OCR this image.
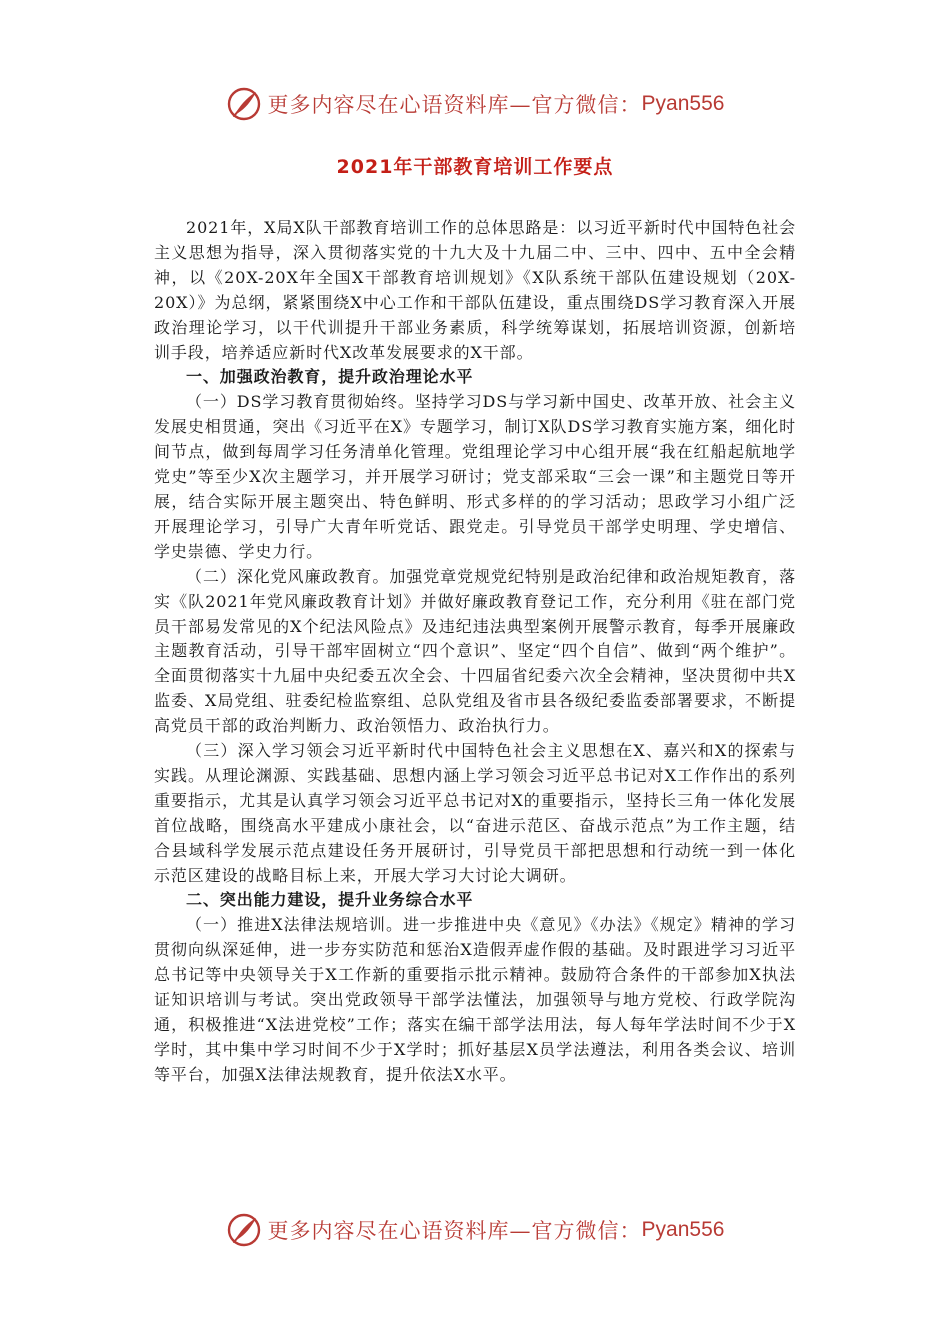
更多内容尽在心语资料库—官方微信： Pyan556
2021年干部教育培训工作要点

2021年，X局X队干部教育培训工作的总体思路是：以习近平新时代中国特色社会主义思想为指导，深入贯彻落实党的十九大及十九届二中、三中、四中、五中全会精神，以《20X-20X年全国X干部教育培训规划》《X队系统干部队伍建设规划（20X-20X）》为总纲，紧紧围绕X中心工作和干部队伍建设，重点围绕DS学习教育深入开展政治理论学习，以干代训提升干部业务素质，科学统筹谋划，拓展培训资源，创新培训手段，培养适应新时代X改革发展要求的X干部。

一、加强政治教育，提升政治理论水平

（一）DS学习教育贯彻始终。坚持学习DS与学习新中国史、改革开放、社会主义发展史相贯通，突出《习近平在X》专题学习，制订X队DS学习教育实施方案，细化时间节点，做到每周学习任务清单化管理。党组理论学习中心组开展“我在红船起航地学党史”等至少X次主题学习，并开展学习研讨；党支部采取“三会一课”和主题党日等开展，结合实际开展主题突出、特色鲜明、形式多样的的学习活动；思政学习小组广泛开展理论学习，引导广大青年听党话、跟党走。引导党员干部学史明理、学史增信、学史崇德、学史力行。

（二）深化党风廉政教育。加强党章党规党纪特别是政治纪律和政治规矩教育，落实《队2021年党风廉政教育计划》并做好廉政教育登记工作，充分利用《驻在部门党员干部易发常见的X个纪法风险点》及违纪违法典型案例开展警示教育，每季开展廉政主题教育活动，引导干部牢固树立“四个意识”、坚定“四个自信”、做到“两个维护”。全面贯彻落实十九届中央纪委五次全会、十四届省纪委六次全会精神，坚决贯彻中共X监委、X局党组、驻委纪检监察组、总队党组及省市县各级纪委监委部署要求，不断提高党员干部的政治判断力、政治领悟力、政治执行力。

（三）深入学习领会习近平新时代中国特色社会主义思想在X、嘉兴和X的探索与实践。从理论渊源、实践基础、思想内涵上学习领会习近平总书记对X工作作出的系列重要指示，尤其是认真学习领会习近平总书记对X的重要指示，坚持长三角一体化发展首位战略，围绕高水平建成小康社会，以“奋进示范区、奋战示范点”为工作主题，结合县域科学发展示范点建设任务开展研讨，引导党员干部把思想和行动统一到一体化示范区建设的战略目标上来，开展大学习大讨论大调研。

二、突出能力建设，提升业务综合水平

（一）推进X法律法规培训。进一步推进中央《意见》《办法》《规定》精神的学习贯彻向纵深延伸，进一步夯实防范和惩治X造假弄虚作假的基础。及时跟进学习习近平总书记等中央领导关于X工作新的重要指示批示精神。鼓励符合条件的干部参加X执法证知识培训与考试。突出党政领导干部学法懂法，加强领导与地方党校、行政学院沟通，积极推进“X法进党校”工作；落实在编干部学法用法，每人每年学法时间不少于X学时，其中集中学习时间不少于X学时；抓好基层X员学法遵法，利用各类会议、培训等平台，加强X法律法规教育，提升依法X水平。

更多内容尽在心语资料库—官方微信： Pyan556
